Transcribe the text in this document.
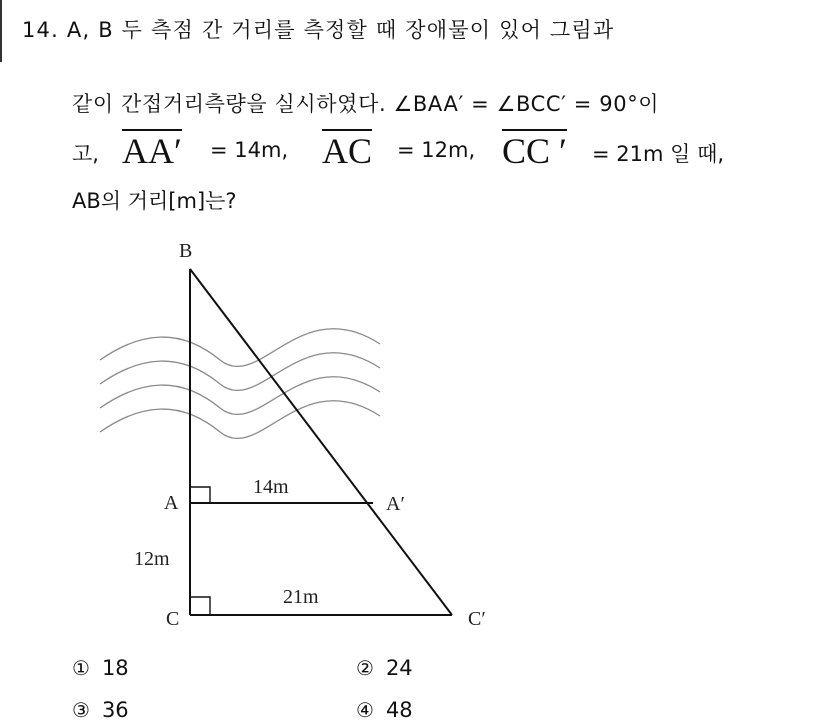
14. A, B 두 측점 간 거리를 측정할 때 장애물이 있어 그림과
같이 간접거리측량을 실시하였다. ∠BAA′ = ∠BCC′ = 90°이
고, AA′ = 14m, AC = 12m, CC ′ = 21m 일 때,
AB의 거리[m]는?
B
A	A′
C	C′
14m
12m
21m
① 18	② 24
③ 36	④ 48
